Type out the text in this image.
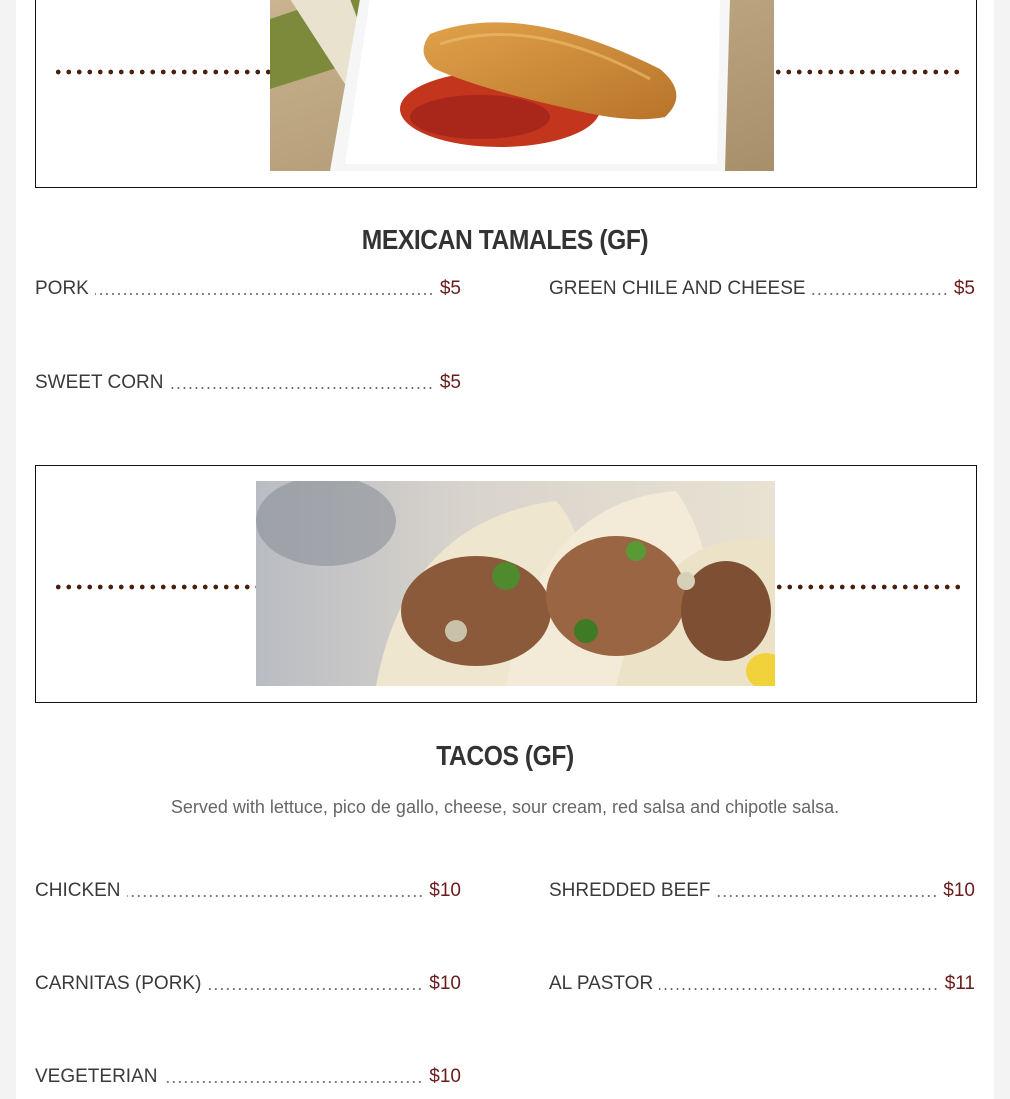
MEXICAN TAMALES (GF)
PORK	$5	GREEN CHILE AND CHEESE	$5
SWEET CORN	$5
TACOS (GF)
Served with lettuce, pico de gallo, cheese, sour cream, red salsa and chipotle salsa.
CHICKEN	$10	SHREDDED BEEF	$10
CARNITAS (PORK)	$10	AL PASTOR	$11
VEGETERIAN	$10
